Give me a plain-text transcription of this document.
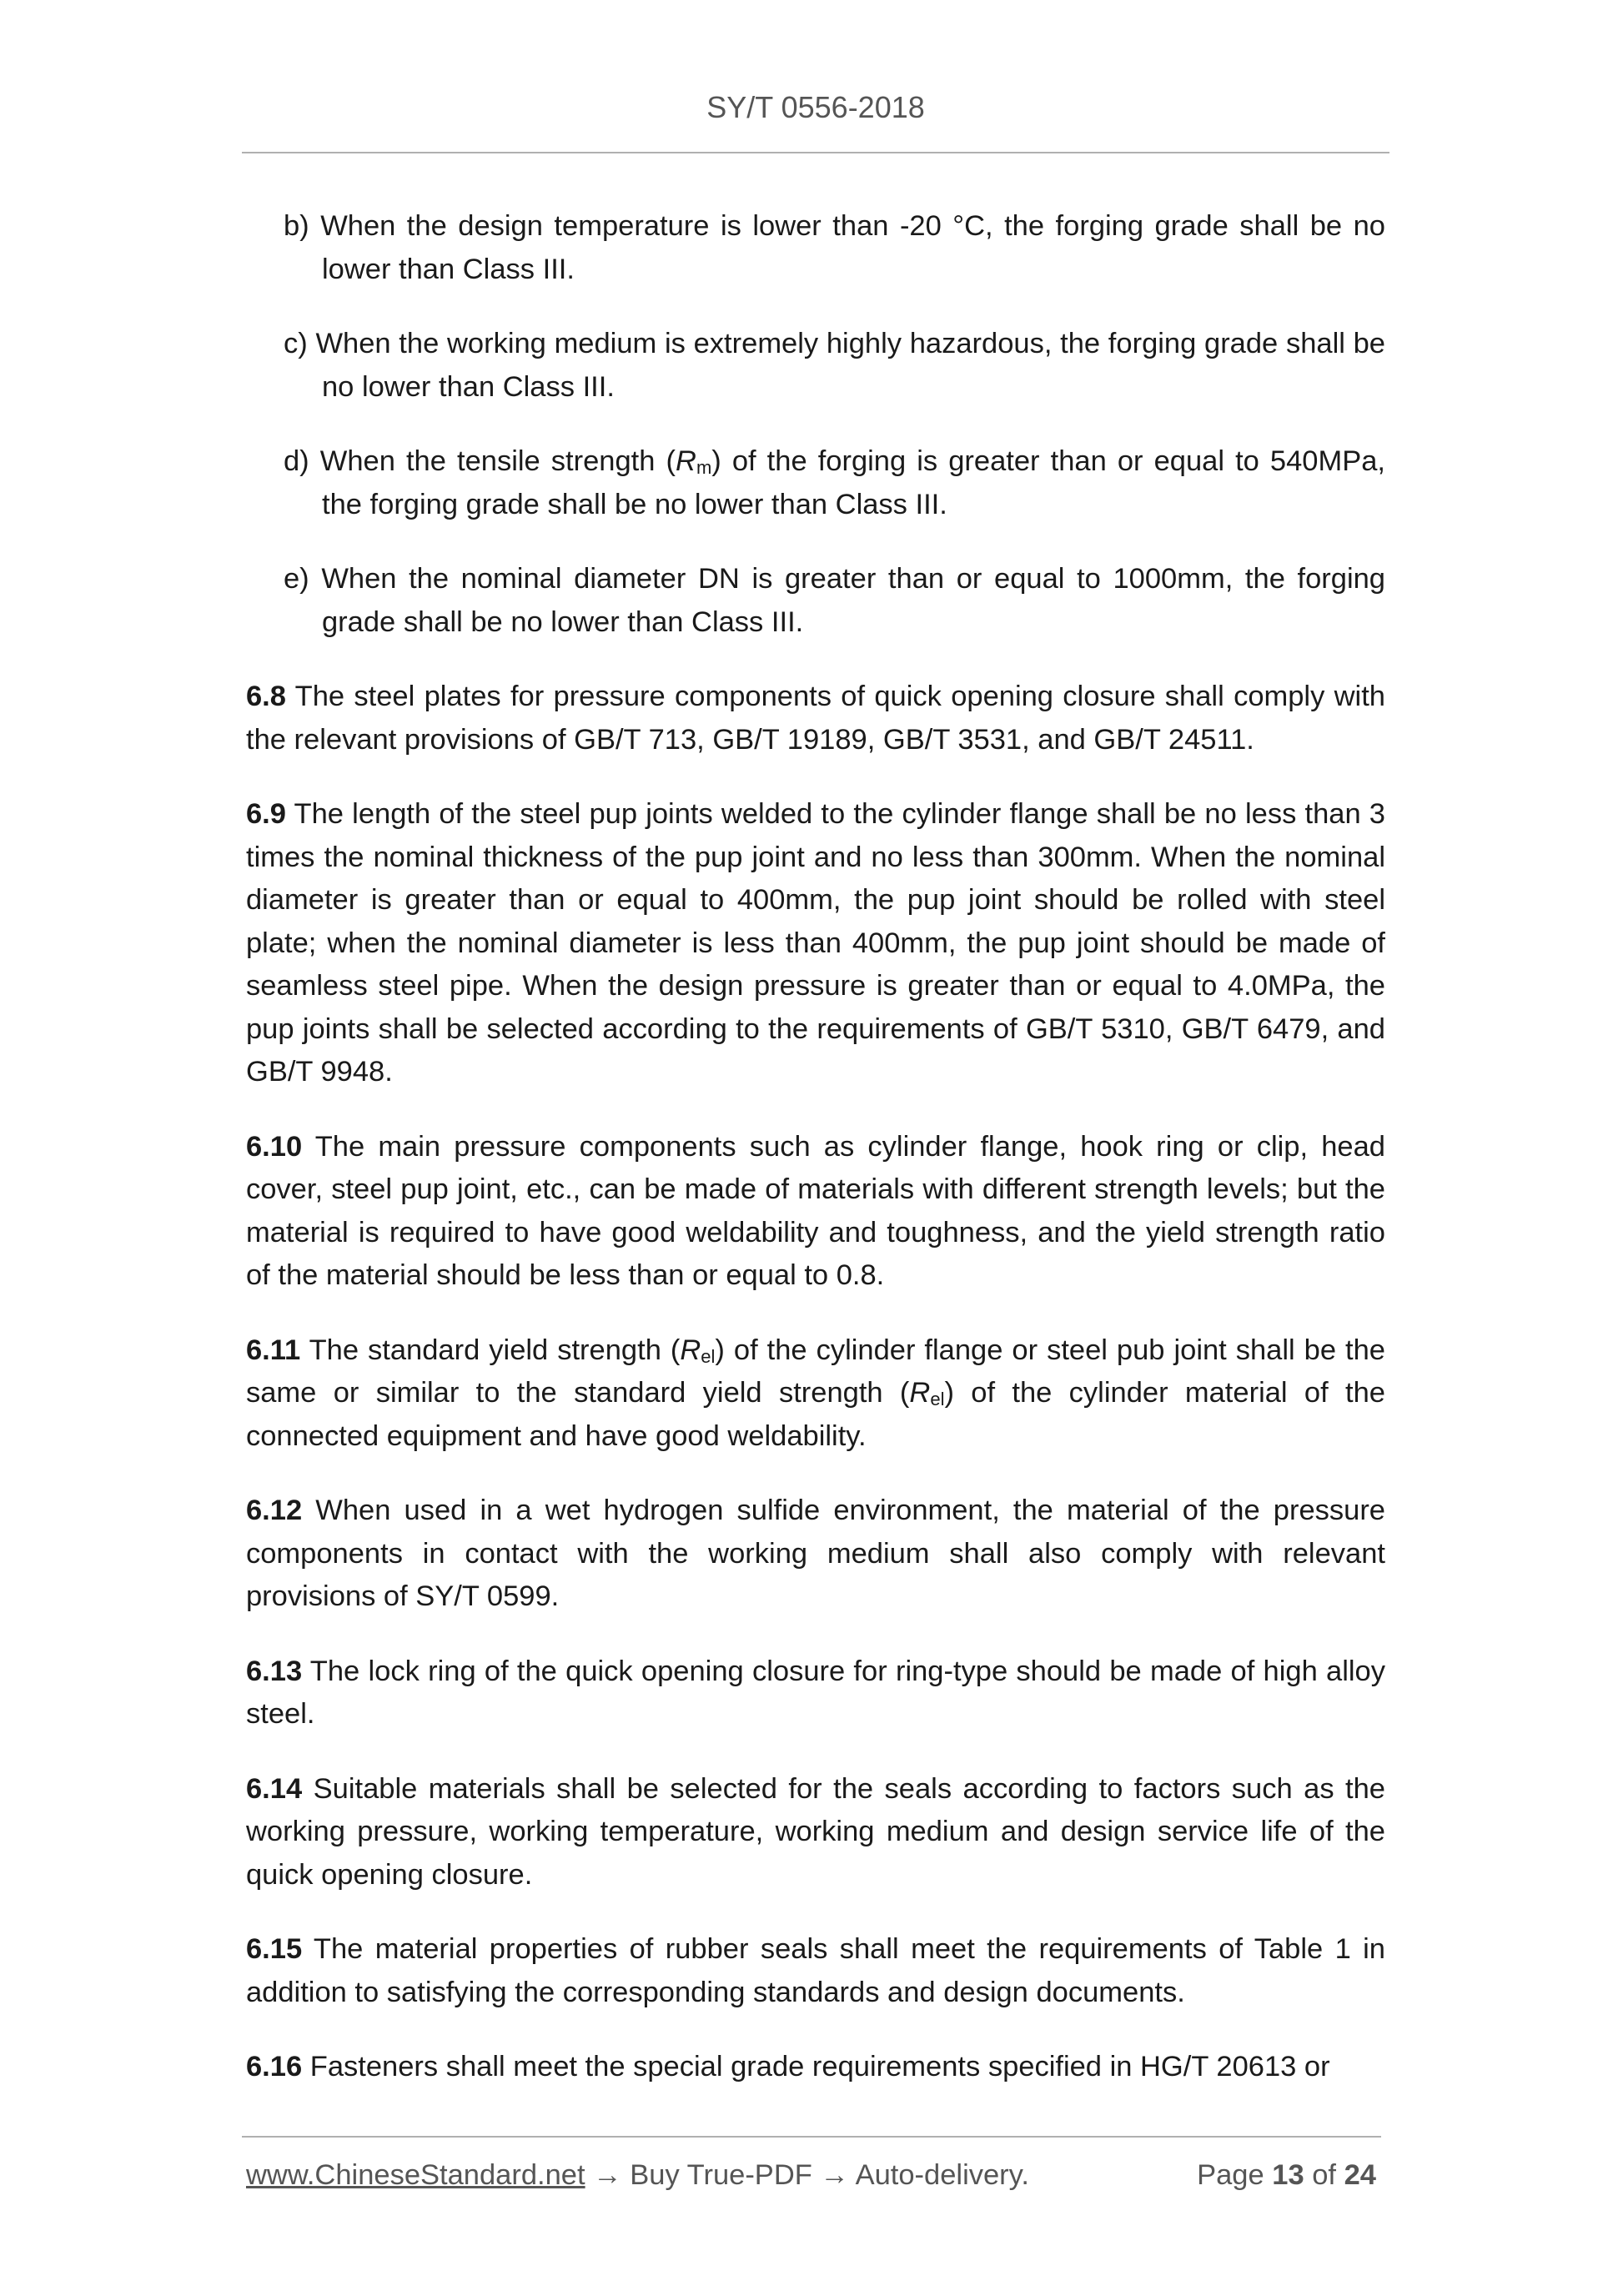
SY/T 0556-2018

b) When the design temperature is lower than -20 °C, the forging grade shall be no lower than Class III.

c) When the working medium is extremely highly hazardous, the forging grade shall be no lower than Class III.

d) When the tensile strength $(R_m)$ of the forging is greater than or equal to 540MPa, the forging grade shall be no lower than Class III.

e) When the nominal diameter DN is greater than or equal to 1000mm, the forging grade shall be no lower than Class III.

6.8 The steel plates for pressure components of quick opening closure shall comply with the relevant provisions of GB/T 713, GB/T 19189, GB/T 3531, and GB/T 24511.

6.9 The length of the steel pup joints welded to the cylinder flange shall be no less than 3 times the nominal thickness of the pup joint and no less than 300mm. When the nominal diameter is greater than or equal to 400mm, the pup joint should be rolled with steel plate; when the nominal diameter is less than 400mm, the pup joint should be made of seamless steel pipe. When the design pressure is greater than or equal to 4.0MPa, the pup joints shall be selected according to the requirements of GB/T 5310, GB/T 6479, and GB/T 9948.

6.10 The main pressure components such as cylinder flange, hook ring or clip, head cover, steel pup joint, etc., can be made of materials with different strength levels; but the material is required to have good weldability and toughness, and the yield strength ratio of the material should be less than or equal to 0.8.

6.11 The standard yield strength $(R_{el})$ of the cylinder flange or steel pub joint shall be the same or similar to the standard yield strength $(R_{el})$ of the cylinder material of the connected equipment and have good weldability.

6.12 When used in a wet hydrogen sulfide environment, the material of the pressure components in contact with the working medium shall also comply with relevant provisions of SY/T 0599.

6.13 The lock ring of the quick opening closure for ring-type should be made of high alloy steel.

6.14 Suitable materials shall be selected for the seals according to factors such as the working pressure, working temperature, working medium and design service life of the quick opening closure.

6.15 The material properties of rubber seals shall meet the requirements of Table 1 in addition to satisfying the corresponding standards and design documents.

6.16 Fasteners shall meet the special grade requirements specified in HG/T 20613 or

www.ChineseStandard.net → Buy True-PDF → Auto-delivery.	Page 13 of 24
